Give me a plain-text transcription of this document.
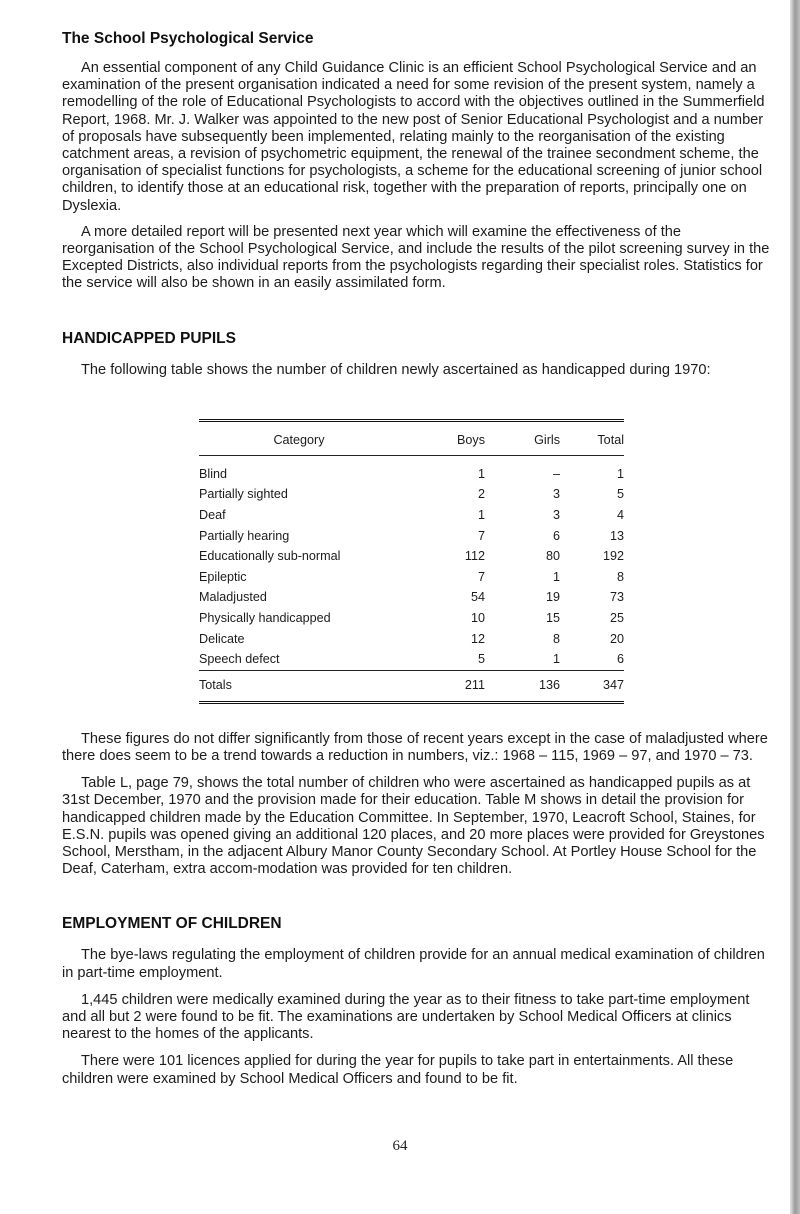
The School Psychological Service

An essential component of any Child Guidance Clinic is an efficient School Psychological Service and an examination of the present organisation indicated a need for some revision of the present system, namely a remodelling of the role of Educational Psychologists to accord with the objectives outlined in the Summerfield Report, 1968. Mr. J. Walker was appointed to the new post of Senior Educational Psychologist and a number of proposals have subsequently been implemented, relating mainly to the reorganisation of the existing catchment areas, a revision of psychometric equipment, the renewal of the trainee secondment scheme, the organisation of specialist functions for psychologists, a scheme for the educational screening of junior school children, to identify those at an educational risk, together with the preparation of reports, principally one on Dyslexia.

A more detailed report will be presented next year which will examine the effectiveness of the reorganisation of the School Psychological Service, and include the results of the pilot screening survey in the Excepted Districts, also individual reports from the psychologists regarding their specialist roles. Statistics for the service will also be shown in an easily assimilated form.

HANDICAPPED PUPILS

The following table shows the number of children newly ascertained as handicapped during 1970:

Category	Boys	Girls	Total
Blind	1	–	1
Partially sighted	2	3	5
Deaf	1	3	4
Partially hearing	7	6	13
Educationally sub-normal	112	80	192
Epileptic	7	1	8
Maladjusted	54	19	73
Physically handicapped	10	15	25
Delicate	12	8	20
Speech defect	5	1	6
Totals	211	136	347

These figures do not differ significantly from those of recent years except in the case of maladjusted where there does seem to be a trend towards a reduction in numbers, viz.: 1968 – 115, 1969 – 97, and 1970 – 73.

Table L, page 79, shows the total number of children who were ascertained as handicapped pupils as at 31st December, 1970 and the provision made for their education. Table M shows in detail the provision for handicapped children made by the Education Committee. In September, 1970, Leacroft School, Staines, for E.S.N. pupils was opened giving an additional 120 places, and 20 more places were provided for Greystones School, Merstham, in the adjacent Albury Manor County Secondary School. At Portley House School for the Deaf, Caterham, extra accom-modation was provided for ten children.

EMPLOYMENT OF CHILDREN

The bye-laws regulating the employment of children provide for an annual medical examination of children in part-time employment.

1,445 children were medically examined during the year as to their fitness to take part-time employment and all but 2 were found to be fit. The examinations are undertaken by School Medical Officers at clinics nearest to the homes of the applicants.

There were 101 licences applied for during the year for pupils to take part in entertainments. All these children were examined by School Medical Officers and found to be fit.

64
